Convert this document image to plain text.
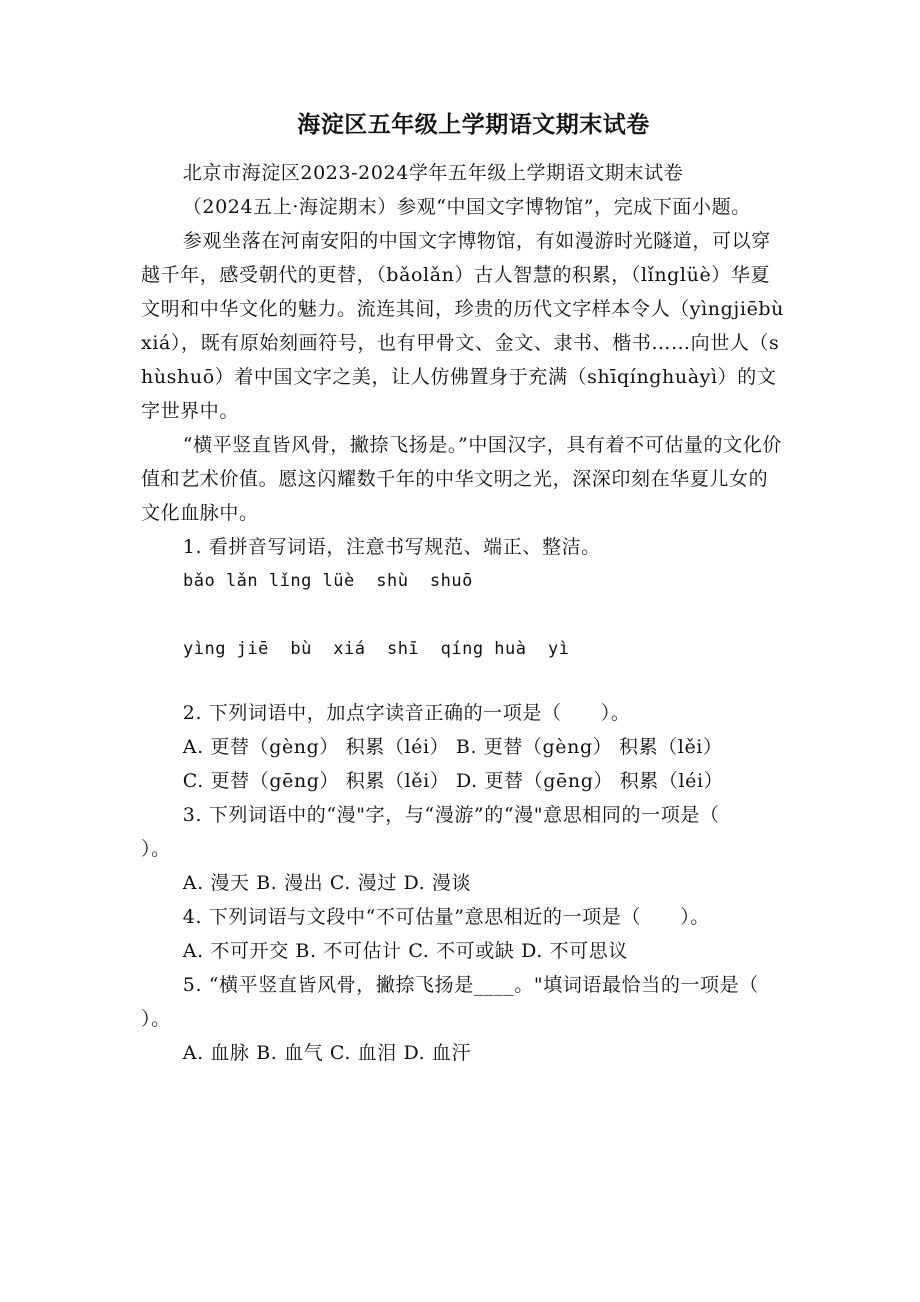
海淀区五年级上学期语文期末试卷

北京市海淀区2023-2024学年五年级上学期语文期末试卷

（2024五上·海淀期末）参观“中国文字博物馆”，完成下面小题。

参观坐落在河南安阳的中国文字博物馆，有如漫游时光隧道，可以穿越千年，感受朝代的更替，（bǎolǎn）古人智慧的积累，（lǐnglüè）华夏文明和中华文化的魅力。流连其间，珍贵的历代文字样本令人（yìngjiēbùxiá），既有原始刻画符号，也有甲骨文、金文、隶书、楷书……向世人（shùshuō）着中国文字之美，让人仿佛置身于充满（shīqínghuàyì）的文字世界中。

“横平竖直皆风骨，撇捺飞扬是。”中国汉字，具有着不可估量的文化价值和艺术价值。愿这闪耀数千年的中华文明之光，深深印刻在华夏儿女的文化血脉中。

1. 看拼音写词语，注意书写规范、端正、整洁。

bǎo lǎn lǐng lüè  shù  shuō

yìng jiē  bù  xiá  shī  qíng huà  yì

2. 下列词语中，加点字读音正确的一项是（　　）。

A. 更替（gèng） 积累（léi） B. 更替（gèng） 积累（lěi）

C. 更替（gēng） 积累（lěi） D. 更替（gēng） 积累（léi）

3. 下列词语中的“漫"字，与“漫游”的“漫"意思相同的一项是（　　）。

A. 漫天 B. 漫出 C. 漫过 D. 漫谈

4. 下列词语与文段中“不可估量”意思相近的一项是（　　）。

A. 不可开交 B. 不可估计 C. 不可或缺 D. 不可思议

5. “横平竖直皆风骨，撇捺飞扬是____。"填词语最恰当的一项是（　　）。

A. 血脉 B. 血气 C. 血泪 D. 血汗
